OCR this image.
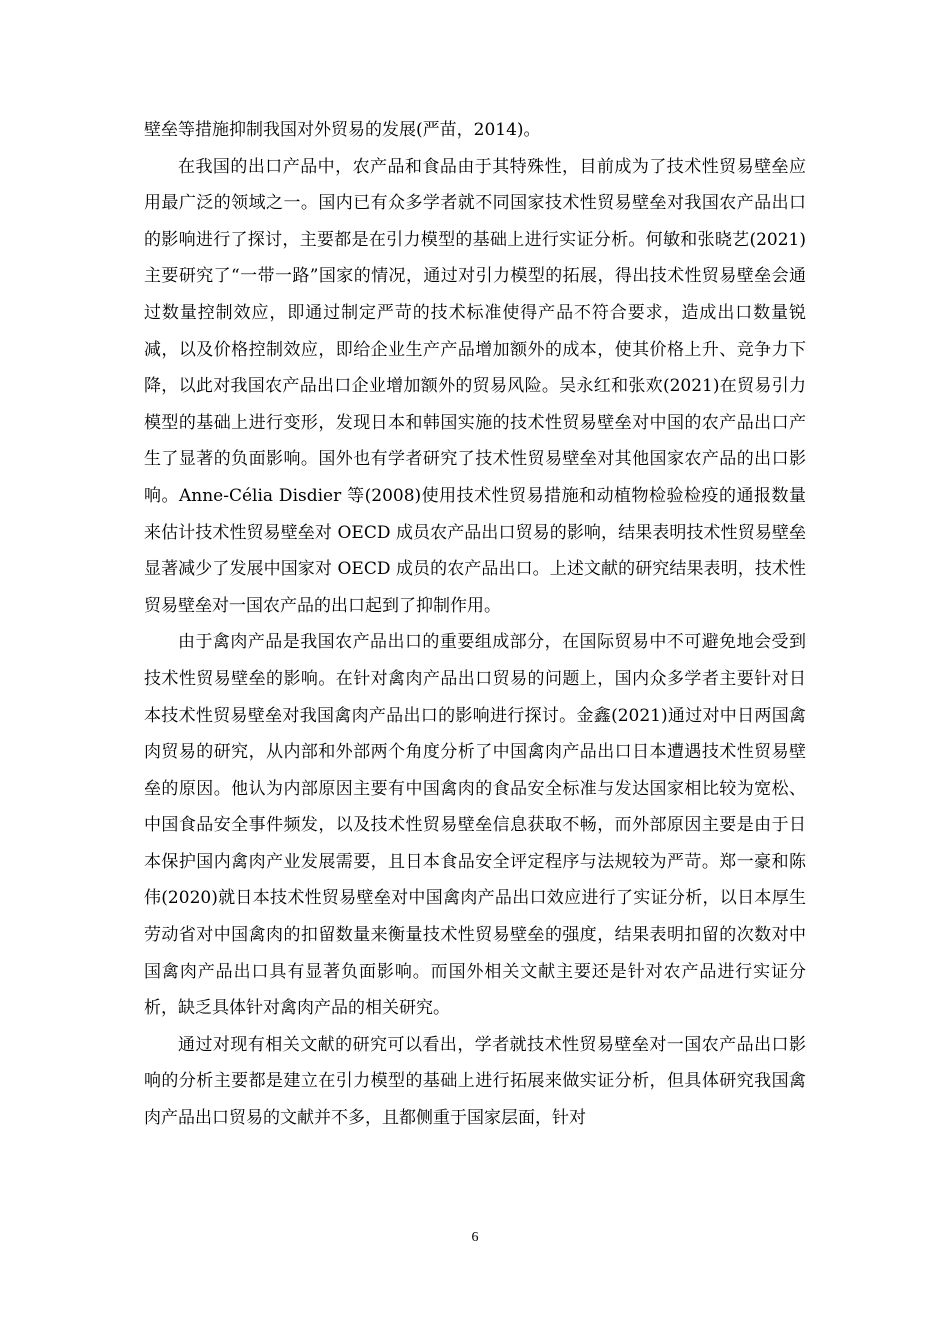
壁垒等措施抑制我国对外贸易的发展(严苗，2014)。

在我国的出口产品中，农产品和食品由于其特殊性，目前成为了技术性贸易壁垒应用最广泛的领域之一。国内已有众多学者就不同国家技术性贸易壁垒对我国农产品出口的影响进行了探讨，主要都是在引力模型的基础上进行实证分析。何敏和张晓艺(2021)主要研究了“一带一路”国家的情况，通过对引力模型的拓展，得出技术性贸易壁垒会通过数量控制效应，即通过制定严苛的技术标准使得产品不符合要求，造成出口数量锐减，以及价格控制效应，即给企业生产产品增加额外的成本，使其价格上升、竞争力下降，以此对我国农产品出口企业增加额外的贸易风险。吴永红和张欢(2021)在贸易引力模型的基础上进行变形，发现日本和韩国实施的技术性贸易壁垒对中国的农产品出口产生了显著的负面影响。国外也有学者研究了技术性贸易壁垒对其他国家农产品的出口影响。Anne-Célia Disdier 等(2008)使用技术性贸易措施和动植物检验检疫的通报数量来估计技术性贸易壁垒对 OECD 成员农产品出口贸易的影响，结果表明技术性贸易壁垒显著减少了发展中国家对 OECD 成员的农产品出口。上述文献的研究结果表明，技术性贸易壁垒对一国农产品的出口起到了抑制作用。

由于禽肉产品是我国农产品出口的重要组成部分，在国际贸易中不可避免地会受到技术性贸易壁垒的影响。在针对禽肉产品出口贸易的问题上，国内众多学者主要针对日本技术性贸易壁垒对我国禽肉产品出口的影响进行探讨。金鑫(2021)通过对中日两国禽肉贸易的研究，从内部和外部两个角度分析了中国禽肉产品出口日本遭遇技术性贸易壁垒的原因。他认为内部原因主要有中国禽肉的食品安全标准与发达国家相比较为宽松、中国食品安全事件频发，以及技术性贸易壁垒信息获取不畅，而外部原因主要是由于日本保护国内禽肉产业发展需要，且日本食品安全评定程序与法规较为严苛。郑一豪和陈伟(2020)就日本技术性贸易壁垒对中国禽肉产品出口效应进行了实证分析，以日本厚生劳动省对中国禽肉的扣留数量来衡量技术性贸易壁垒的强度，结果表明扣留的次数对中国禽肉产品出口具有显著负面影响。而国外相关文献主要还是针对农产品进行实证分析，缺乏具体针对禽肉产品的相关研究。

通过对现有相关文献的研究可以看出，学者就技术性贸易壁垒对一国农产品出口影响的分析主要都是建立在引力模型的基础上进行拓展来做实证分析，但具体研究我国禽肉产品出口贸易的文献并不多，且都侧重于国家层面，针对

6
